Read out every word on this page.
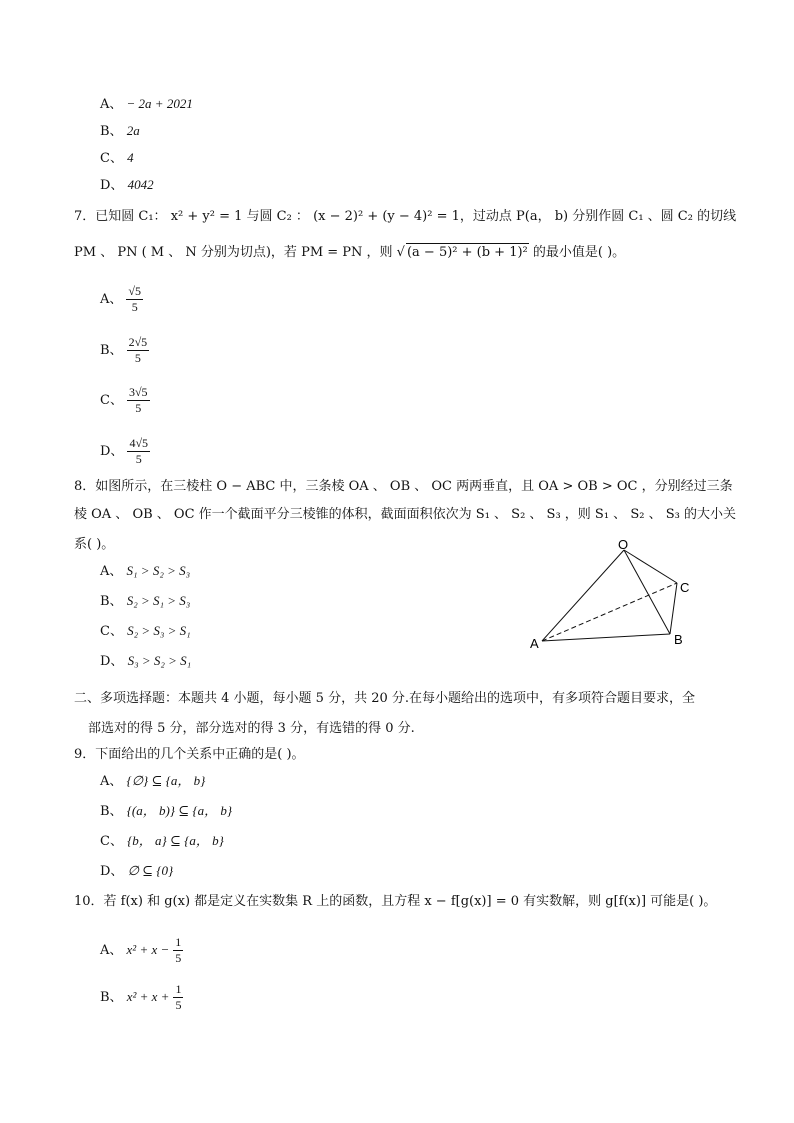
A、 − 2a + 2021
B、 2a
C、 4
D、 4042
7．已知圆 C₁： x² + y² = 1 与圆 C₂ ： (x − 2)² + (y − 4)² = 1，过动点 P(a， b) 分别作圆 C₁ 、圆 C₂ 的切线
PM 、 PN ( M 、 N 分别为切点)，若 PM = PN ，则 √ (a − 5)² + (b + 1)² 的最小值是( )。
A、 $\frac{√5}{5}$
B、 $\frac{2√5}{5}$
C、 $\frac{3√5}{5}$
D、 $\frac{4√5}{5}$
8．如图所示，在三棱柱 O − ABC 中，三条棱 OA 、 OB 、 OC 两两垂直，且 OA > OB > OC ，分别经过三条
棱 OA 、 OB 、 OC 作一个截面平分三棱锥的体积，截面面积依次为 S₁ 、 S₂ 、 S₃ ，则 S₁ 、 S₂ 、 S₃ 的大小关
系( )。
A、 S₁ > S₂ > S₃
B、 S₂ > S₁ > S₃
C、 S₂ > S₃ > S₁
D、 S₃ > S₂ > S₁
O
A	B
C
二、多项选择题：本题共 4 小题，每小题 5 分，共 20 分.在每小题给出的选项中，有多项符合题目要求，全
部选对的得 5 分，部分选对的得 3 分，有选错的得 0 分.
9．下面给出的几个关系中正确的是( )。
A、 {∅} ⊆ {a， b}
B、 {(a， b)} ⊆ {a， b}
C、 {b， a} ⊆ {a， b}
D、 ∅ ⊆ {0}
10．若 f(x) 和 g(x) 都是定义在实数集 R 上的函数，且方程 x − f[g(x)] = 0 有实数解，则 g[f(x)] 可能是( )。
A、 $x^2 + x - \frac{1}{5}$
B、 $x^2 + x + \frac{1}{5}$
